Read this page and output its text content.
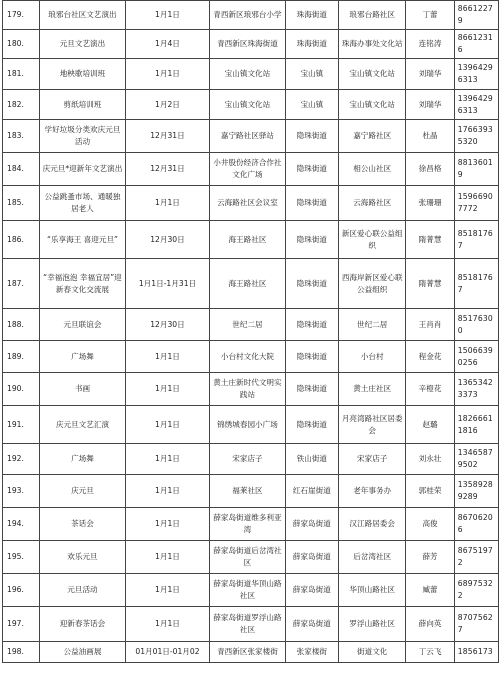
179.	琅邪台社区文艺演出	1月1日	青西新区琅邪台小学	珠海街道	琅邪台路社区	丁蕾	86612279
180.	元旦文艺演出	1月4日	青西新区珠海街道	珠海街道	珠海办事处文化站	连铭涛	86612316
181.	地秧歌培训班	1月1日	宝山镇文化站	宝山镇	宝山镇文化站	刘瑞华	13964296313
182.	剪纸培训班	1月2日	宝山镇文化站	宝山镇	宝山镇文化站	刘瑞华	13964296313
183.	学好垃圾分类欢庆元旦活动	12月31日	嘉宁路社区驿站	隐珠街道	嘉宁路社区	杜晶	17663935320
184.	庆元旦*迎新年文艺演出	12月31日	小井股份经济合作社文化广场	隐珠街道	相公山社区	徐昌格	88136019
185.	公益跳蚤市场、通暖独居老人	1月1日	云海路社区会议室	隐珠街道	云海路社区	张珊珊	15966907772
186.	“乐享海王 喜迎元旦”	12月30日	海王路社区	隐珠街道	新区爱心联公益组织	隋菁慧	85181767
187.	“幸福泡泡 幸福宜居”迎新春文化交流展	1月1日-1月31日	海王路社区	隐珠街道	西海岸新区爱心联公益组织	隋菁慧	85181767
188.	元旦联谊会	12月30日	世纪二居	隐珠街道	世纪二居	王肖肖	85176300
189.	广场舞	1月1日	小台村文化大院	隐珠街道	小台村	程金花	15066390256
190.	书画	1月1日	黄土庄新时代文明实践站	隐珠街道	黄土庄社区	辛橙花	13653423373
191.	庆元旦文艺汇演	1月1日	锦绣城春园小广场	隐珠街道	月亮湾路社区居委会	赵璐	18266611816
192.	广场舞	1月1日	宋家店子	铁山街道	宋家店子	刘永壮	13465879502
193.	庆元旦	1月1日	福莱社区	红石崖街道	老年事务办	郭桂荣	13589289289
194.	茶话会	1月1日	薛家岛街道维多利亚湾	薛家岛街道	汉江路居委会	高俊	86706206
195.	欢乐元旦	1月1日	薛家岛街道后岔湾社区	薛家岛街道	后岔湾社区	薛芳	86751972
196.	元旦活动	1月1日	薛家岛街道华顶山路社区	薛家岛街道	华顶山路社区	臧蕾	68975322
197.	迎新春茶话会	1月1日	薛家岛街道罗浮山路社区	薛家岛街道	罗浮山路社区	薛向英	87075627
198.	公益油画展	01月01日-01月02	青西新区张家楼街	张家楼街	街道文化	丁云飞	1856173
